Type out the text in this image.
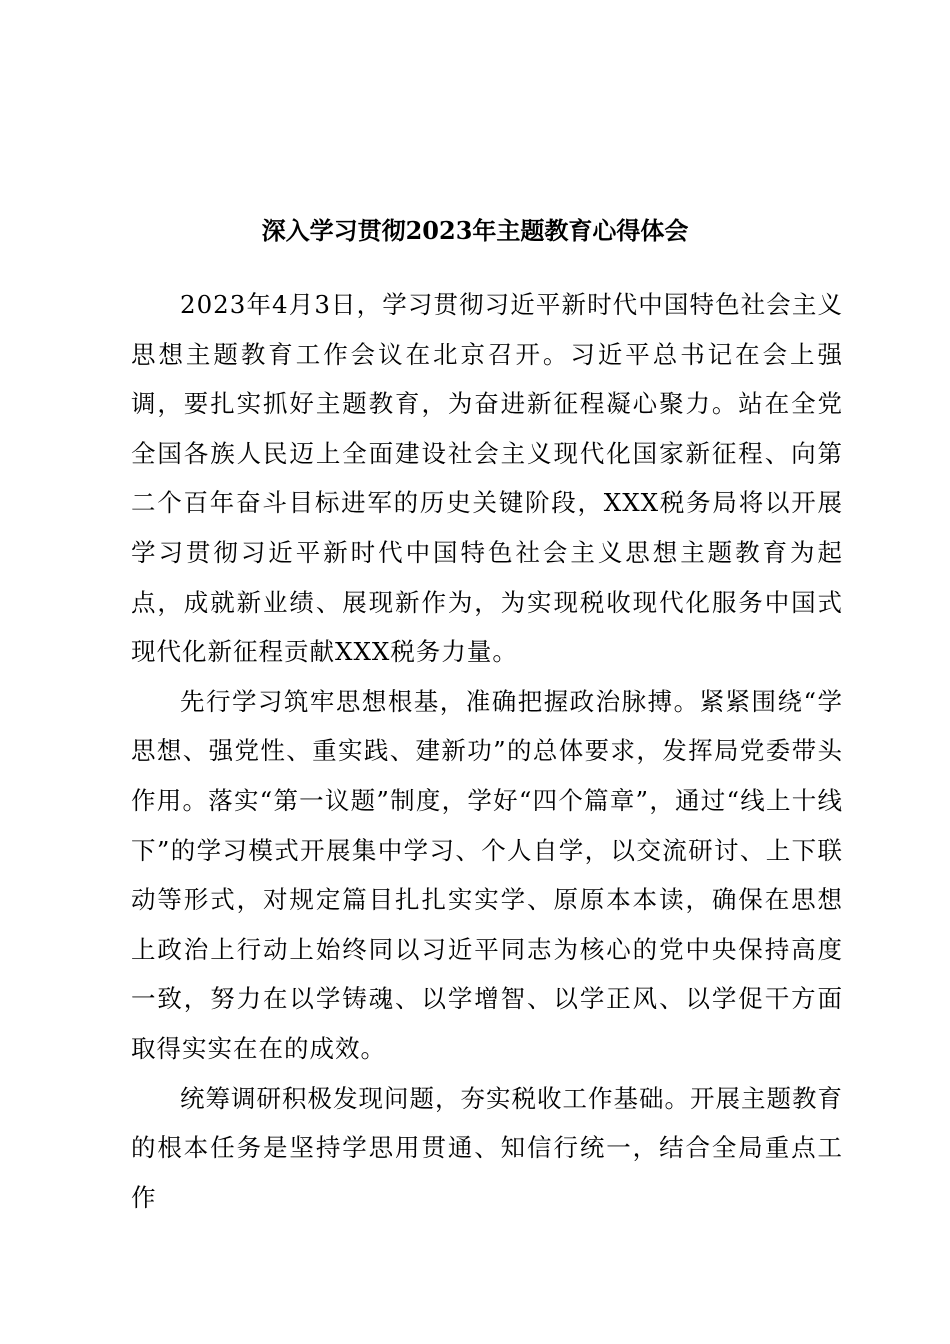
深入学习贯彻2023年主题教育心得体会

2023年4月3日，学习贯彻习近平新时代中国特色社会主义思想主题教育工作会议在北京召开。习近平总书记在会上强调，要扎实抓好主题教育，为奋进新征程凝心聚力。站在全党全国各族人民迈上全面建设社会主义现代化国家新征程、向第二个百年奋斗目标进军的历史关键阶段，XXX税务局将以开展学习贯彻习近平新时代中国特色社会主义思想主题教育为起点，成就新业绩、展现新作为，为实现税收现代化服务中国式现代化新征程贡献XXX税务力量。

先行学习筑牢思想根基，准确把握政治脉搏。紧紧围绕“学思想、强党性、重实践、建新功”的总体要求，发挥局党委带头作用。落实“第一议题”制度，学好“四个篇章”，通过“线上十线下”的学习模式开展集中学习、个人自学，以交流研讨、上下联动等形式，对规定篇目扎扎实实学、原原本本读，确保在思想上政治上行动上始终同以习近平同志为核心的党中央保持高度一致，努力在以学铸魂、以学增智、以学正风、以学促干方面取得实实在在的成效。

统筹调研积极发现问题，夯实税收工作基础。开展主题教育的根本任务是坚持学思用贯通、知信行统一，结合全局重点工作
